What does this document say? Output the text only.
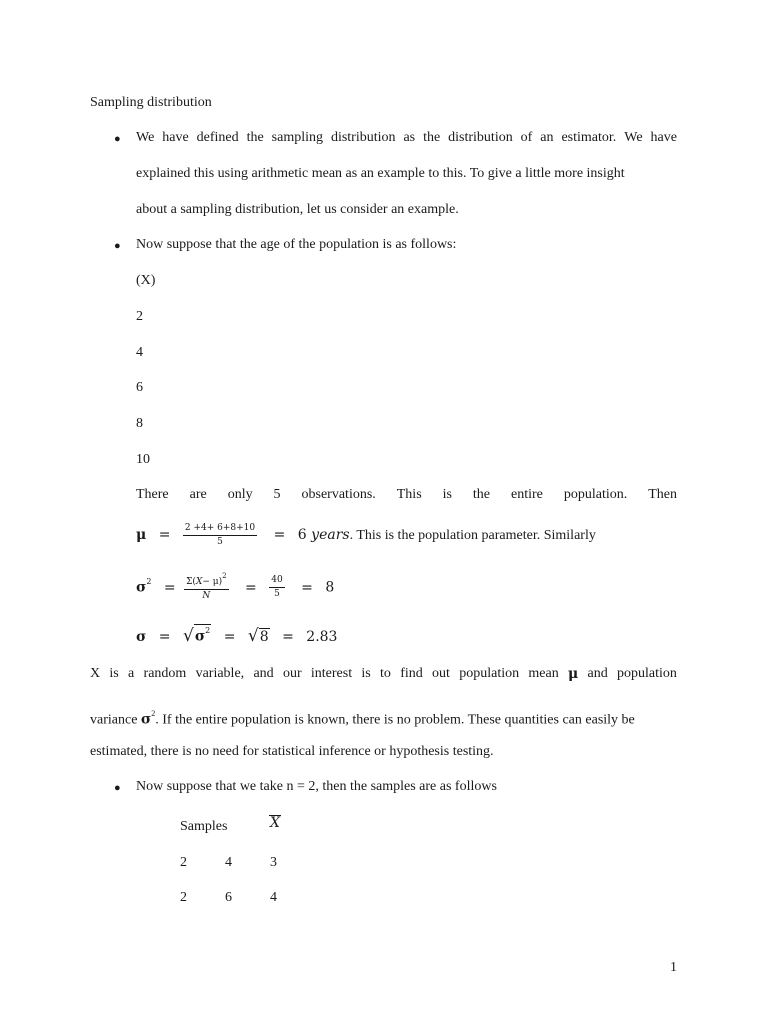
Sampling distribution
● We have defined the sampling distribution as the distribution of an estimator. We have
explained this using arithmetic mean as an example to this. To give a little more insight
about a sampling distribution, let us consider an example.
● Now suppose that the age of the population is as follows:
(X)
2
4
6
8
10
There are only 5 observations. This is the entire population. Then
$\mu = \frac{2 +4+ 6+8+10}{5} = 6$ years. This is the population parameter. Similarly
$\sigma^2 = \frac{\Sigma(X- \mu)^2}{N} = \frac{40}{5} = 8$
$\sigma = √\sigma^2 = √8 = 2.83$
X is a random variable, and our interest is to find out population mean μ and population
variance $\sigma^2$. If the entire population is known, there is no problem. These quantities can easily be
estimated, there is no need for statistical inference or hypothesis testing.
● Now suppose that we take n = 2, then the samples are as follows
Samples	X
2	4	3
2	6	4
1
